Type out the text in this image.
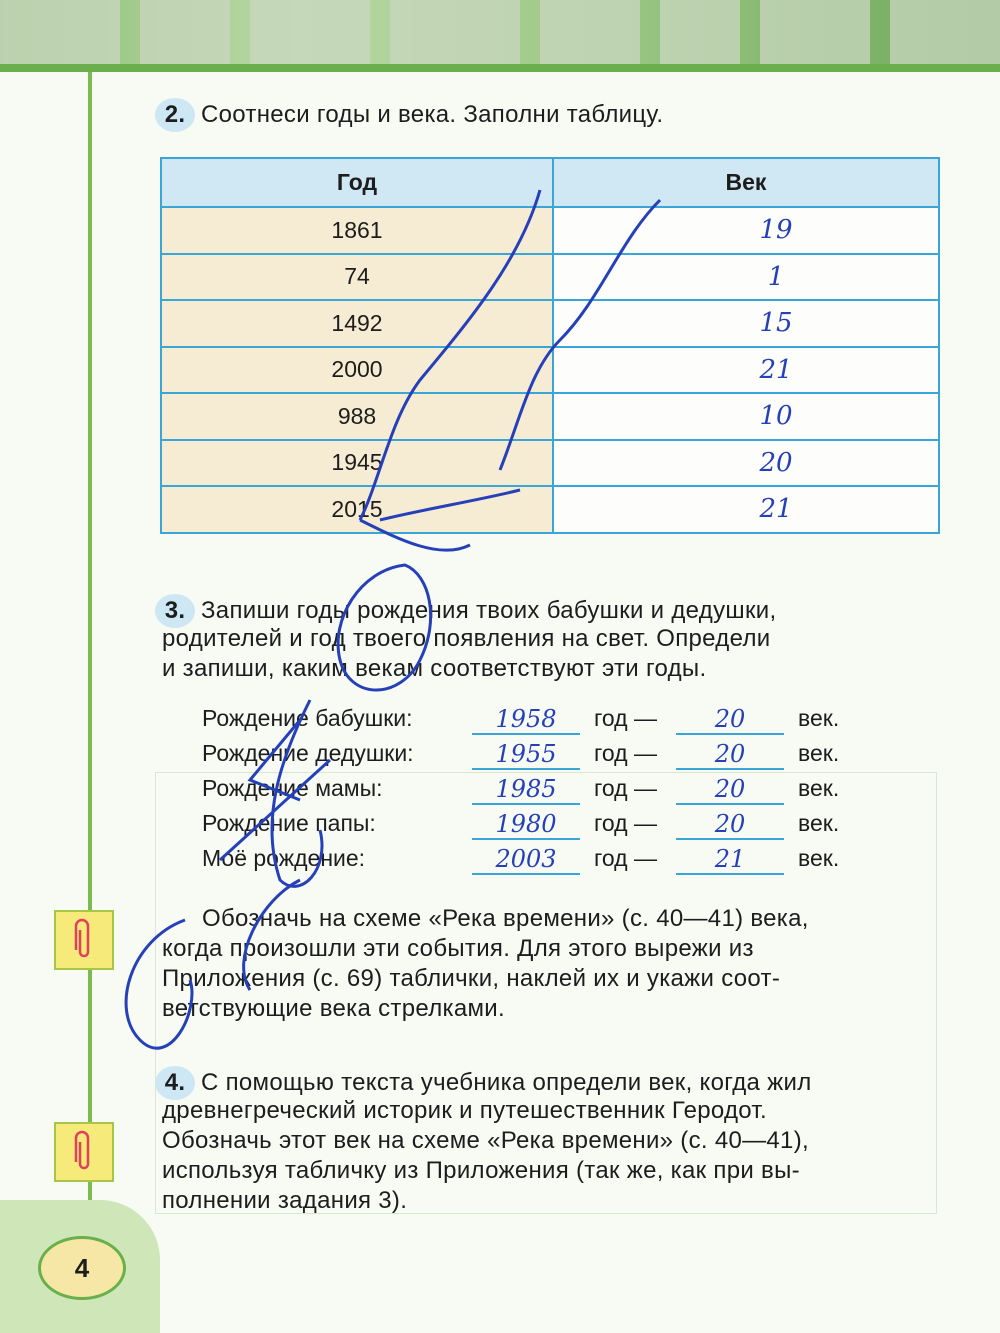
4
2. Соотнеси годы и века. Заполни таблицу.
Год	Век
1861	19
74	1
1492	15
2000	21
988	10
1945	20
2015	21
3. Запиши годы рождения твоих бабушки и дедушки,
родителей и год твоего появления на свет. Определи
и запиши, каким векам соответствуют эти годы.
Рождение бабушки:	1958	год —	20	век.
Рождение дедушки:	1955	год —	20	век.
Рождение мамы:	1985	год —	20	век.
Рождение папы:	1980	год —	20	век.
Моё рождение:	2003	год —	21	век.
Обозначь на схеме «Река времени» (с. 40—41) века,
когда произошли эти события. Для этого вырежи из
Приложения (с. 69) таблички, наклей их и укажи соот-
ветствующие века стрелками.
4. С помощью текста учебника определи век, когда жил
древнегреческий историк и путешественник Геродот.
Обозначь этот век на схеме «Река времени» (с. 40—41),
используя табличку из Приложения (так же, как при вы-
полнении задания 3).
